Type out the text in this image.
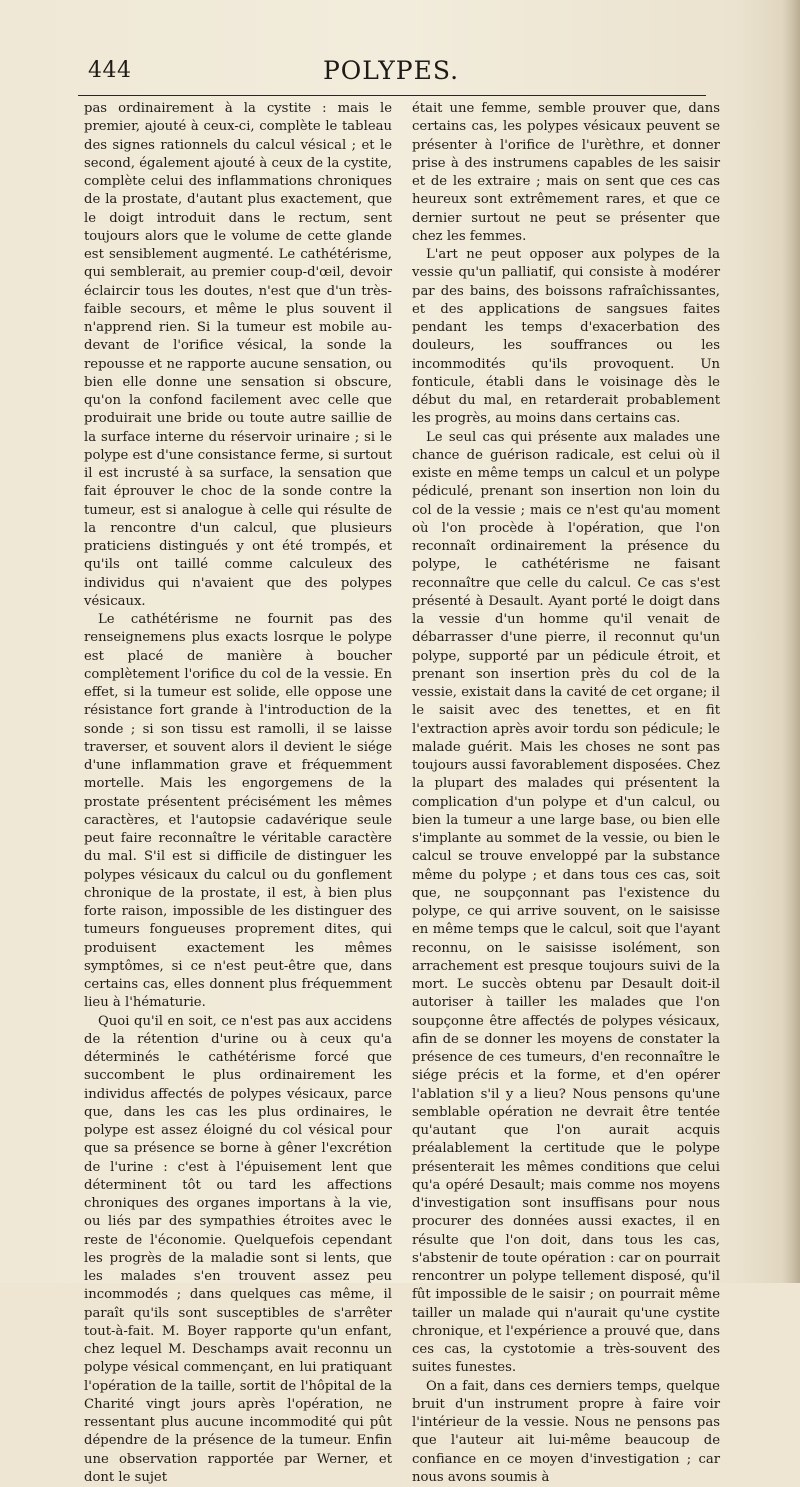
444	POLYPES.

pas ordinairement à la cystite : mais le premier, ajouté à ceux-ci, complète le tableau des signes rationnels du calcul vésical ; et le second, également ajouté à ceux de la cystite, complète celui des inflammations chroniques de la prostate, d'autant plus exactement, que le doigt introduit dans le rectum, sent toujours alors que le volume de cette glande est sensiblement augmenté. Le cathétérisme, qui semblerait, au premier coup-d'œil, devoir éclaircir tous les doutes, n'est que d'un très-faible secours, et même le plus souvent il n'apprend rien. Si la tumeur est mobile au-devant de l'orifice vésical, la sonde la repousse et ne rapporte aucune sensation, ou bien elle donne une sensation si obscure, qu'on la confond facilement avec celle que produirait une bride ou toute autre saillie de la surface interne du réservoir urinaire ; si le polype est d'une consistance ferme, si surtout il est incrusté à sa surface, la sensation que fait éprouver le choc de la sonde contre la tumeur, est si analogue à celle qui résulte de la rencontre d'un calcul, que plusieurs praticiens distingués y ont été trompés, et qu'ils ont taillé comme calculeux des individus qui n'avaient que des polypes vésicaux.

Le cathétérisme ne fournit pas des renseignemens plus exacts losrque le polype est placé de manière à boucher complètement l'orifice du col de la vessie. En effet, si la tumeur est solide, elle oppose une résistance fort grande à l'introduction de la sonde ; si son tissu est ramolli, il se laisse traverser, et souvent alors il devient le siége d'une inflammation grave et fréquemment mortelle. Mais les engorgemens de la prostate présentent précisément les mêmes caractères, et l'autopsie cadavérique seule peut faire reconnaître le véritable caractère du mal. S'il est si difficile de distinguer les polypes vésicaux du calcul ou du gonflement chronique de la prostate, il est, à bien plus forte raison, impossible de les distinguer des tumeurs fongueuses proprement dites, qui produisent exactement les mêmes symptômes, si ce n'est peut-être que, dans certains cas, elles donnent plus fréquemment lieu à l'hématurie.

Quoi qu'il en soit, ce n'est pas aux accidens de la rétention d'urine ou à ceux qu'a déterminés le cathétérisme forcé que succombent le plus ordinairement les individus affectés de polypes vésicaux, parce que, dans les cas les plus ordinaires, le polype est assez éloigné du col vésical pour que sa présence se borne à gêner l'excrétion de l'urine : c'est à l'épuisement lent que déterminent tôt ou tard les affections chroniques des organes importans à la vie, ou liés par des sympathies étroites avec le reste de l'économie. Quelquefois cependant les progrès de la maladie sont si lents, que les malades s'en trouvent assez peu incommodés ; dans quelques cas même, il paraît qu'ils sont susceptibles de s'arrêter tout-à-fait. M. Boyer rapporte qu'un enfant, chez lequel M. Deschamps avait reconnu un polype vésical commençant, en lui pratiquant l'opération de la taille, sortit de l'hôpital de la Charité vingt jours après l'opération, ne ressentant plus aucune incommodité qui pût dépendre de la présence de la tumeur. Enfin une observation rapportée par Werner, et dont le sujet

était une femme, semble prouver que, dans certains cas, les polypes vésicaux peuvent se présenter à l'orifice de l'urèthre, et donner prise à des instrumens capables de les saisir et de les extraire ; mais on sent que ces cas heureux sont extrêmement rares, et que ce dernier surtout ne peut se présenter que chez les femmes.

L'art ne peut opposer aux polypes de la vessie qu'un palliatif, qui consiste à modérer par des bains, des boissons rafraîchissantes, et des applications de sangsues faites pendant les temps d'exacerbation des douleurs, les souffrances ou les incommodités qu'ils provoquent. Un fonticule, établi dans le voisinage dès le début du mal, en retarderait probablement les progrès, au moins dans certains cas.

Le seul cas qui présente aux malades une chance de guérison radicale, est celui où il existe en même temps un calcul et un polype pédiculé, prenant son insertion non loin du col de la vessie ; mais ce n'est qu'au moment où l'on procède à l'opération, que l'on reconnaît ordinairement la présence du polype, le cathétérisme ne faisant reconnaître que celle du calcul. Ce cas s'est présenté à Desault. Ayant porté le doigt dans la vessie d'un homme qu'il venait de débarrasser d'une pierre, il reconnut qu'un polype, supporté par un pédicule étroit, et prenant son insertion près du col de la vessie, existait dans la cavité de cet organe; il le saisit avec des tenettes, et en fit l'extraction après avoir tordu son pédicule; le malade guérit. Mais les choses ne sont pas toujours aussi favorablement disposées. Chez la plupart des malades qui présentent la complication d'un polype et d'un calcul, ou bien la tumeur a une large base, ou bien elle s'implante au sommet de la vessie, ou bien le calcul se trouve enveloppé par la substance même du polype ; et dans tous ces cas, soit que, ne soupçonnant pas l'existence du polype, ce qui arrive souvent, on le saisisse en même temps que le calcul, soit que l'ayant reconnu, on le saisisse isolément, son arrachement est presque toujours suivi de la mort. Le succès obtenu par Desault doit-il autoriser à tailler les malades que l'on soupçonne être affectés de polypes vésicaux, afin de se donner les moyens de constater la présence de ces tumeurs, d'en reconnaître le siége précis et la forme, et d'en opérer l'ablation s'il y a lieu? Nous pensons qu'une semblable opération ne devrait être tentée qu'autant que l'on aurait acquis préalablement la certitude que le polype présenterait les mêmes conditions que celui qu'a opéré Desault; mais comme nos moyens d'investigation sont insuffisans pour nous procurer des données aussi exactes, il en résulte que l'on doit, dans tous les cas, s'abstenir de toute opération : car on pourrait rencontrer un polype tellement disposé, qu'il fût impossible de le saisir ; on pourrait même tailler un malade qui n'aurait qu'une cystite chronique, et l'expérience a prouvé que, dans ces cas, la cystotomie a très-souvent des suites funestes.

On a fait, dans ces derniers temps, quelque bruit d'un instrument propre à faire voir l'intérieur de la vessie. Nous ne pensons pas que l'auteur ait lui-même beaucoup de confiance en ce moyen d'investigation ; car nous avons soumis à
